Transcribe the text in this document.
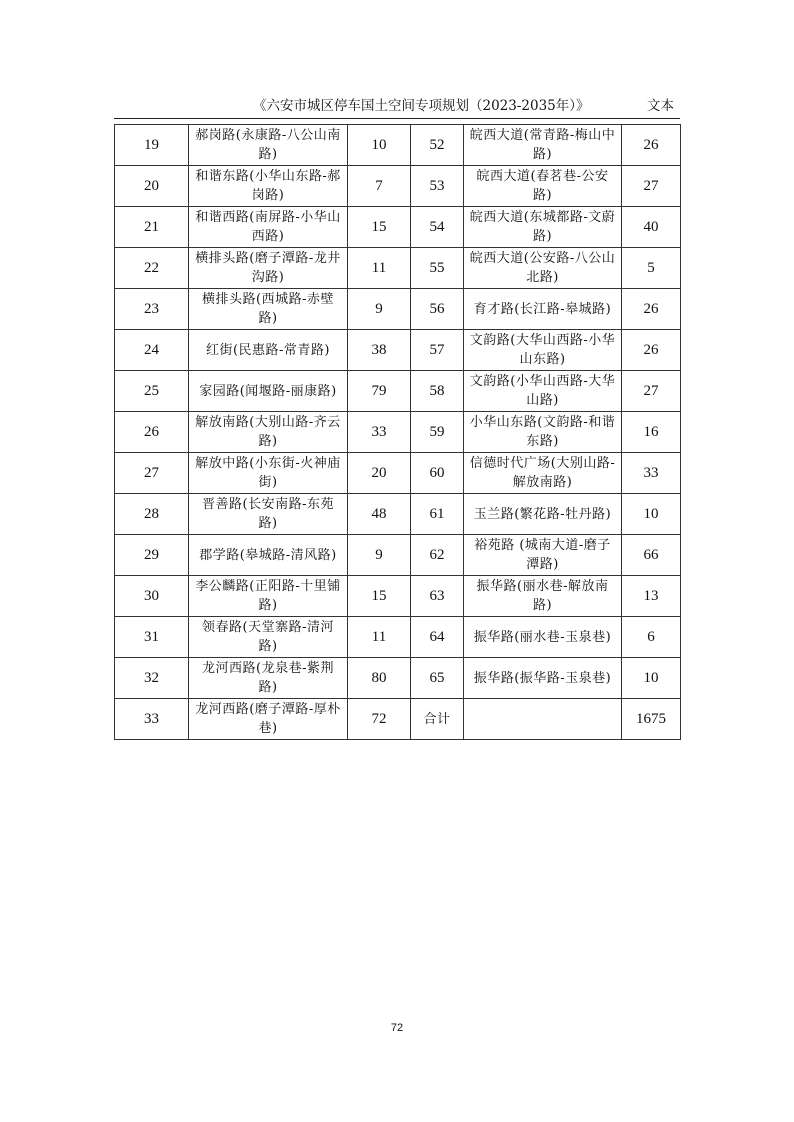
《六安市城区停车国土空间专项规划（2023-2035年）》	文本
19	郝岗路(永康路-八公山南路)	10	52	皖西大道(常青路-梅山中路)	26
20	和谐东路(小华山东路-郝岗路)	7	53	皖西大道(春茗巷-公安路)	27
21	和谐西路(南屏路-小华山西路)	15	54	皖西大道(东城都路-文蔚路)	40
22	横排头路(磨子潭路-龙井沟路)	11	55	皖西大道(公安路-八公山北路)	5
23	横排头路(西城路-赤壁路)	9	56	育才路(长江路-皋城路)	26
24	红街(民惠路-常青路)	38	57	文韵路(大华山西路-小华山东路)	26
25	家园路(闻堰路-丽康路)	79	58	文韵路(小华山西路-大华山路)	27
26	解放南路(大别山路-齐云路)	33	59	小华山东路(文韵路-和谐东路)	16
27	解放中路(小东街-火神庙街)	20	60	信德时代广场(大别山路-解放南路)	33
28	晋善路(长安南路-东苑路)	48	61	玉兰路(繁花路-牡丹路)	10
29	郡学路(皋城路-清风路)	9	62	裕苑路 (城南大道-磨子潭路)	66
30	李公麟路(正阳路-十里铺路)	15	63	振华路(丽水巷-解放南路)	13
31	领春路(天堂寨路-清河路)	11	64	振华路(丽水巷-玉泉巷)	6
32	龙河西路(龙泉巷-紫荆路)	80	65	振华路(振华路-玉泉巷)	10
33	龙河西路(磨子潭路-厚朴巷)	72	合计		1675
72
